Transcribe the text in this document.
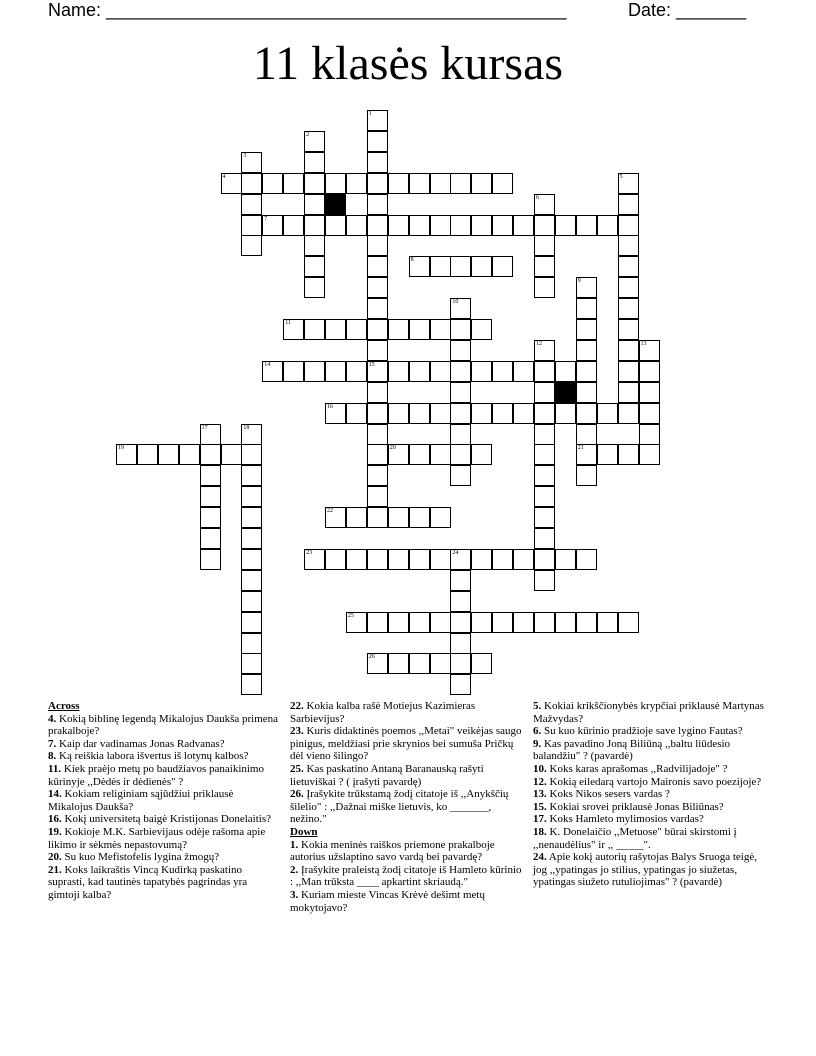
Name: ______________________________________________	Date: _______
11 klasės kursas
1
15
2
3
4	5
6
7
8
9
21
10
11
12	13
14
16
17	18
19	20
22
23	24
25
26

Across

4. Kokią biblinę legendą Mikalojus Daukša primena prakalboje?

7. Kaip dar vadinamas Jonas Radvanas?

8. Ką reiškia labora išvertus iš lotynų kalbos?

11. Kiek praėjo metų po baudžiavos panaikinimo kūrinyje ,,Dėdės ir dėdienės" ?

14. Kokiam religiniam sąjūdžiui priklausė Mikalojus Daukša?

16. Kokį universitetą baigė Kristijonas Donelaitis?

19. Kokioje M.K. Sarbievijaus odėje rašoma apie likimo ir sėkmės nepastovumą?

20. Su kuo Mefistofelis lygina žmogų?

21. Koks laikraštis Vincą Kudirką paskatino suprasti, kad tautinės tapatybės pagrindas yra gimtoji kalba?

22. Kokia kalba rašė Motiejus Kazimieras Sarbievijus?

23. Kuris didaktinės poemos ,,Metai" veikėjas saugo pinigus, meldžiasi prie skrynios bei sumuša Pričkų dėl vieno šilingo?

25. Kas paskatino Antaną Baranauską rašyti lietuviškai ? ( įrašyti pavardę)

26. Įrašykite trūkstamą žodį citatoje iš ,,Anykščių šilelio" : ,,Dažnai miške lietuvis, ko _______, nežino."

Down

1. Kokia meninės raiškos priemone prakalboje autorius užslaptino savo vardą bei pavardę?

2. Įrašykite praleistą žodį citatoje iš Hamleto kūrinio : ,,Man trūksta ____ apkartint skriaudą."

3. Kuriam mieste Vincas Krėvė dešimt metų mokytojavo?

5. Kokiai krikščionybės krypčiai priklausė Martynas Mažvydas?

6. Su kuo kūrinio pradžioje save lygino Fautas?

9. Kas pavadino Joną Biliūną ,,baltu liūdesio balandžiu" ? (pavardė)

10. Koks karas aprašomas ,,Radvilijadoje" ?

12. Kokią eiledarą vartojo Maironis savo poezijoje?

13. Koks Nikos sesers vardas ?

15. Kokiai srovei priklausė Jonas Biliūnas?

17. Koks Hamleto mylimosios vardas?

18. K. Donelaičio ,,Metuose" būrai skirstomi į ,,nenaudėlius" ir ,, _____".

24. Apie kokį autorių rašytojas Balys Sruoga teigė, jog ,,ypatingas jo stilius, ypatingas jo siužetas, ypatingas siužeto rutuliojimas" ? (pavardė)
